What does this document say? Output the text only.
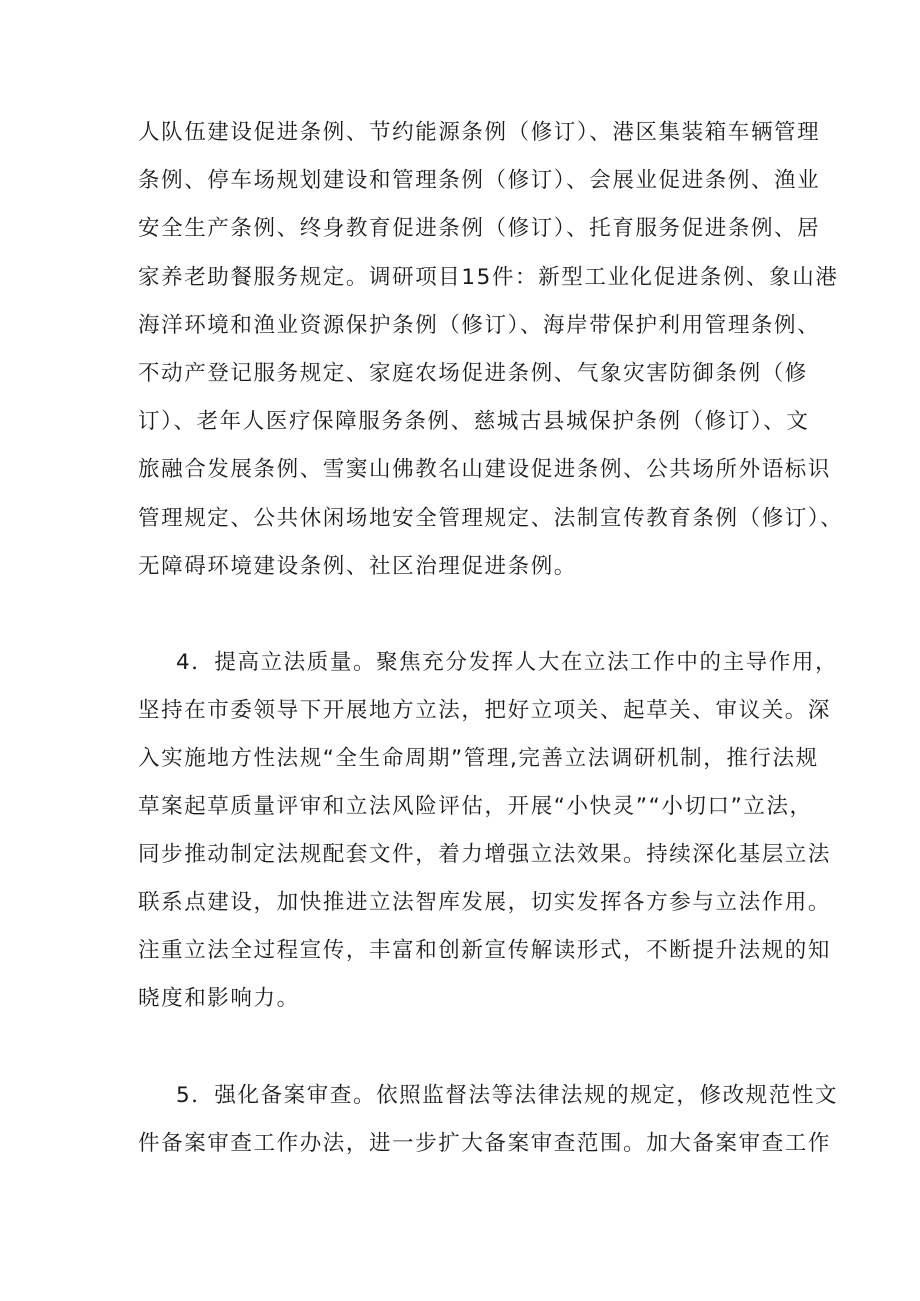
人队伍建设促进条例、节约能源条例（修订）、港区集装箱车辆管理
条例、停车场规划建设和管理条例（修订）、会展业促进条例、渔业
安全生产条例、终身教育促进条例（修订）、托育服务促进条例、居
家养老助餐服务规定。调研项目15件：新型工业化促进条例、象山港
海洋环境和渔业资源保护条例（修订）、海岸带保护利用管理条例、
不动产登记服务规定、家庭农场促进条例、气象灾害防御条例（修
订）、老年人医疗保障服务条例、慈城古县城保护条例（修订）、文
旅融合发展条例、雪窦山佛教名山建设促进条例、公共场所外语标识
管理规定、公共休闲场地安全管理规定、法制宣传教育条例（修订）、
无障碍环境建设条例、社区治理促进条例。
4．提高立法质量。聚焦充分发挥人大在立法工作中的主导作用，
坚持在市委领导下开展地方立法，把好立项关、起草关、审议关。深
入实施地方性法规“全生命周期”管理,完善立法调研机制，推行法规
草案起草质量评审和立法风险评估，开展“小快灵”“小切口”立法，
同步推动制定法规配套文件，着力增强立法效果。持续深化基层立法
联系点建设，加快推进立法智库发展，切实发挥各方参与立法作用。
注重立法全过程宣传，丰富和创新宣传解读形式，不断提升法规的知
晓度和影响力。
5．强化备案审查。依照监督法等法律法规的规定，修改规范性文
件备案审查工作办法，进一步扩大备案审查范围。加大备案审查工作
